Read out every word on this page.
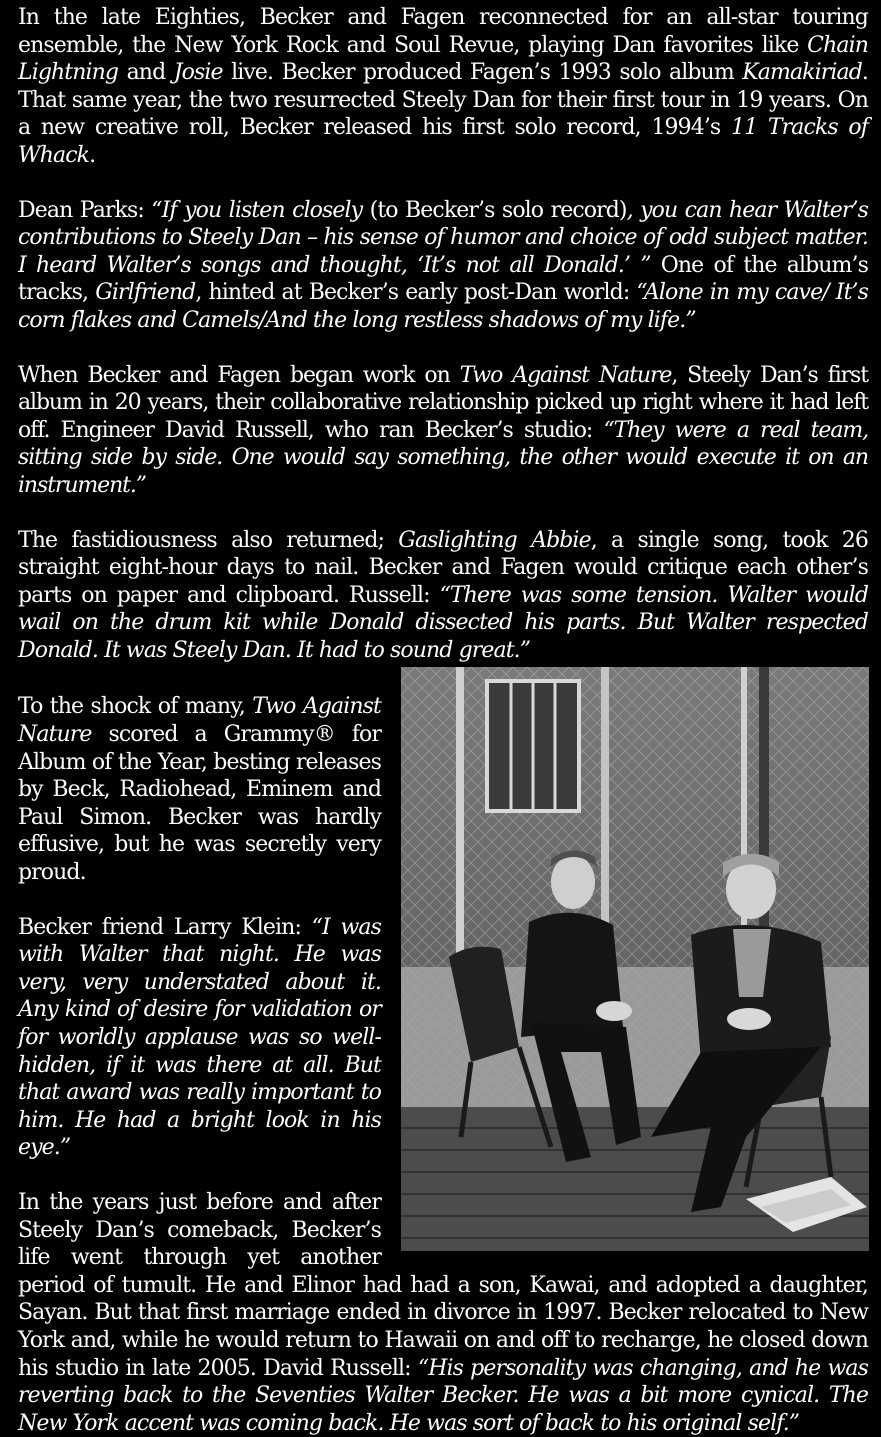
In the late Eighties, Becker and Fagen reconnected for an all-star touring ensemble, the New York Rock and Soul Revue, playing Dan favorites like Chain Lightning and Josie live. Becker produced Fagen’s 1993 solo album Kamakiriad. That same year, the two resurrected Steely Dan for their first tour in 19 years. On a new creative roll, Becker released his first solo record, 1994’s 11 Tracks of Whack.

Dean Parks: “If you listen closely (to Becker’s solo record), you can hear Walter’s contributions to Steely Dan – his sense of humor and choice of odd subject matter. I heard Walter’s songs and thought, ‘It’s not all Donald.’ ” One of the album’s tracks, Girlfriend, hinted at Becker’s early post-Dan world: “Alone in my cave/ It’s corn flakes and Camels/And the long restless shadows of my life.”

When Becker and Fagen began work on Two Against Nature, Steely Dan’s first album in 20 years, their collaborative relationship picked up right where it had left off. Engineer David Russell, who ran Becker’s studio: “They were a real team, sitting side by side. One would say something, the other would execute it on an instrument.”

The fastidiousness also returned; Gaslighting Abbie, a single song, took 26 straight eight-hour days to nail. Becker and Fagen would critique each other’s parts on paper and clipboard. Russell: “There was some tension. Walter would wail on the drum kit while Donald dissected his parts. But Walter respected Donald. It was Steely Dan. It had to sound great.”

To the shock of many, Two Against Nature scored a Grammy® for Album of the Year, besting releases by Beck, Radiohead, Eminem and Paul Simon. Becker was hardly effusive, but he was secretly very proud.

Becker friend Larry Klein: “I was with Walter that night. He was very, very understated about it. Any kind of desire for validation or for worldly applause was so well-hidden, if it was there at all. But that award was really important to him. He had a bright look in his eye.”

In the years just before and after Steely Dan’s comeback, Becker’s life went through yet another period of tumult. He and Elinor had had a son, Kawai, and adopted a daughter, Sayan. But that first marriage ended in divorce in 1997. Becker relocated to New York and, while he would return to Hawaii on and off to recharge, he closed down his studio in late 2005. David Russell: “His personality was changing, and he was reverting back to the Seventies Walter Becker. He was a bit more cynical. The New York accent was coming back. He was sort of back to his original self.”
